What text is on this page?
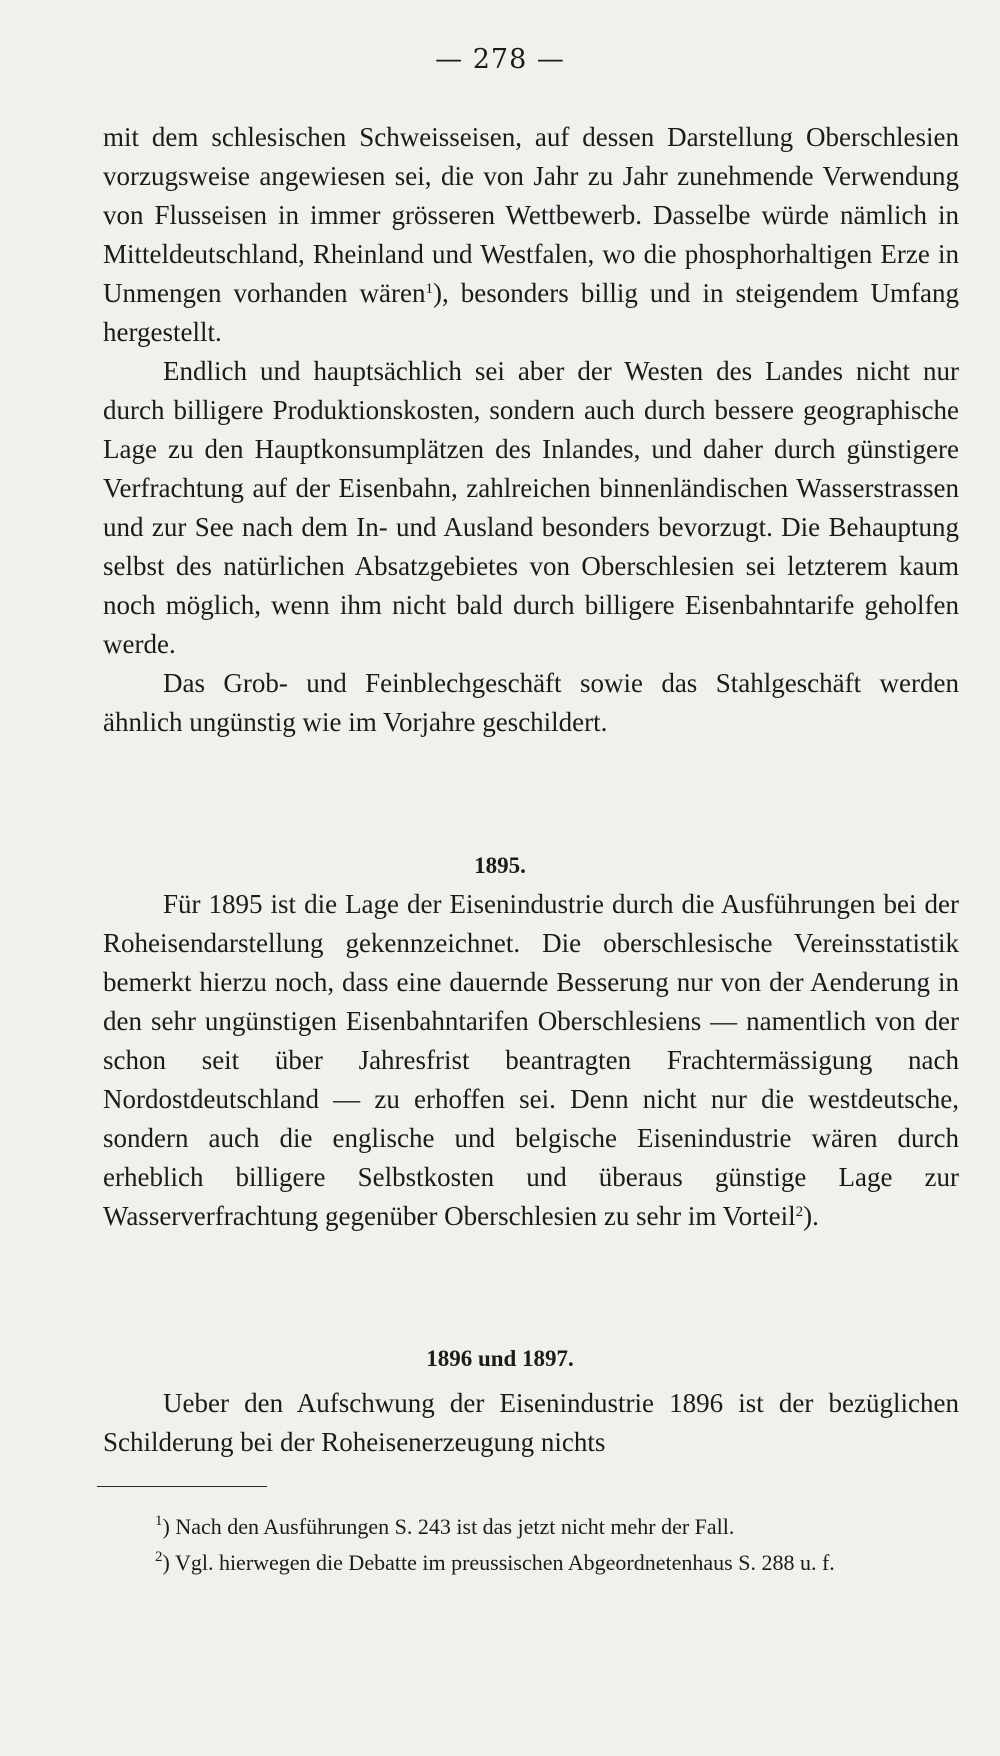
— 278 —

mit dem schlesischen Schweisseisen, auf dessen Darstellung Oberschlesien vorzugsweise angewiesen sei, die von Jahr zu Jahr zunehmende Verwendung von Flusseisen in immer grösseren Wettbewerb. Dasselbe würde nämlich in Mitteldeutschland, Rheinland und Westfalen, wo die phosphorhaltigen Erze in Unmengen vorhanden wären$^1$), besonders billig und in steigendem Umfang hergestellt.

Endlich und hauptsächlich sei aber der Westen des Landes nicht nur durch billigere Produktionskosten, sondern auch durch bessere geographische Lage zu den Hauptkonsumplätzen des Inlandes, und daher durch günstigere Verfrachtung auf der Eisenbahn, zahlreichen binnenländischen Wasserstrassen und zur See nach dem In- und Ausland besonders bevorzugt. Die Behauptung selbst des natürlichen Absatzgebietes von Oberschlesien sei letzterem kaum noch möglich, wenn ihm nicht bald durch billigere Eisenbahntarife geholfen werde.

Das Grob- und Feinblechgeschäft sowie das Stahlgeschäft werden ähnlich ungünstig wie im Vorjahre geschildert.

1895.

Für 1895 ist die Lage der Eisenindustrie durch die Ausführungen bei der Roheisendarstellung gekennzeichnet. Die oberschlesische Vereinsstatistik bemerkt hierzu noch, dass eine dauernde Besserung nur von der Aenderung in den sehr ungünstigen Eisenbahntarifen Oberschlesiens — namentlich von der schon seit über Jahresfrist beantragten Frachtermässigung nach Nordostdeutschland — zu erhoffen sei. Denn nicht nur die westdeutsche, sondern auch die englische und belgische Eisenindustrie wären durch erheblich billigere Selbstkosten und überaus günstige Lage zur Wasserverfrachtung gegenüber Oberschlesien zu sehr im Vorteil$^2$).

1896 und 1897.

Ueber den Aufschwung der Eisenindustrie 1896 ist der bezüglichen Schilderung bei der Roheisenerzeugung nichts

$^1$) Nach den Ausführungen S. 243 ist das jetzt nicht mehr der Fall.
$^2$) Vgl. hierwegen die Debatte im preussischen Abgeordnetenhaus S. 288 u. f.
